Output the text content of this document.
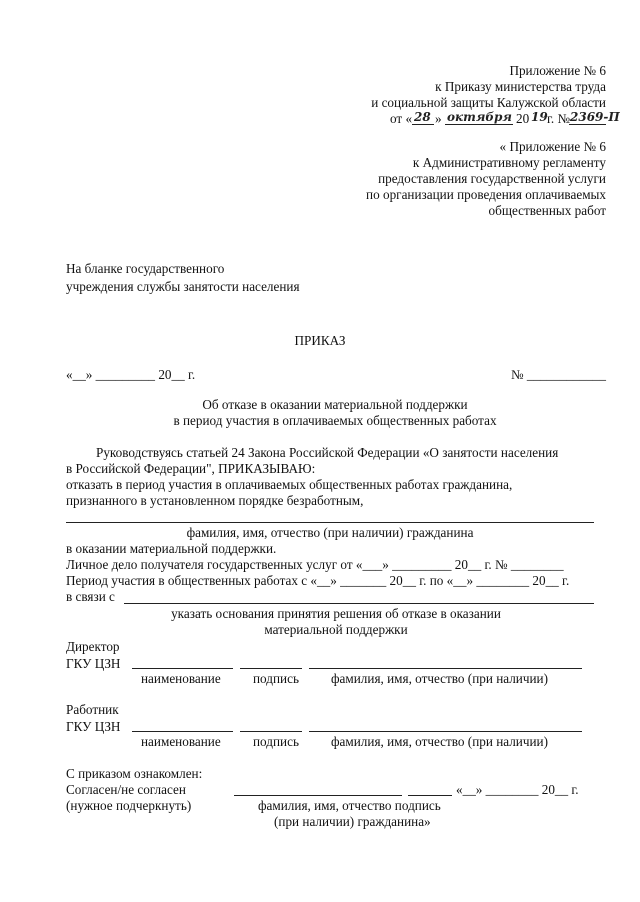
Приложение № 6
к Приказу министерства труда
и социальной защиты Калужской области
от « 28 » октября 20 19 г. № 2369-П
« Приложение № 6
к Административному регламенту
предоставления государственной услуги
по организации проведения оплачиваемых
общественных работ
На бланке государственного
учреждения службы занятости населения
ПРИКАЗ
«__» _________ 20__ г.	№ ____________
Об отказе в оказании материальной поддержки
в период участия в оплачиваемых общественных работах
Руководствуясь статьей 24 Закона Российской Федерации «О занятости населения
в Российской Федерации", ПРИКАЗЫВАЮ:
отказать в период участия в оплачиваемых общественных работах гражданина,
признанного в установленном порядке безработным,
фамилия, имя, отчество (при наличии) гражданина
в оказании материальной поддержки.
Личное дело получателя государственных услуг от «___» _________ 20__ г. № ________
Период участия в общественных работах с «__» _______ 20__ г. по «__» ________ 20__ г.
в связи с
указать основания принятия решения об отказе в оказании
материальной поддержки
Директор
ГКУ ЦЗН
наименование подпись фамилия, имя, отчество (при наличии)
Работник
ГКУ ЦЗН
наименование подпись фамилия, имя, отчество (при наличии)
С приказом ознакомлен:
Согласен/не согласен
(нужное подчеркнуть)
«__» ________ 20__ г.
фамилия, имя, отчество подпись
(при наличии) гражданина»
